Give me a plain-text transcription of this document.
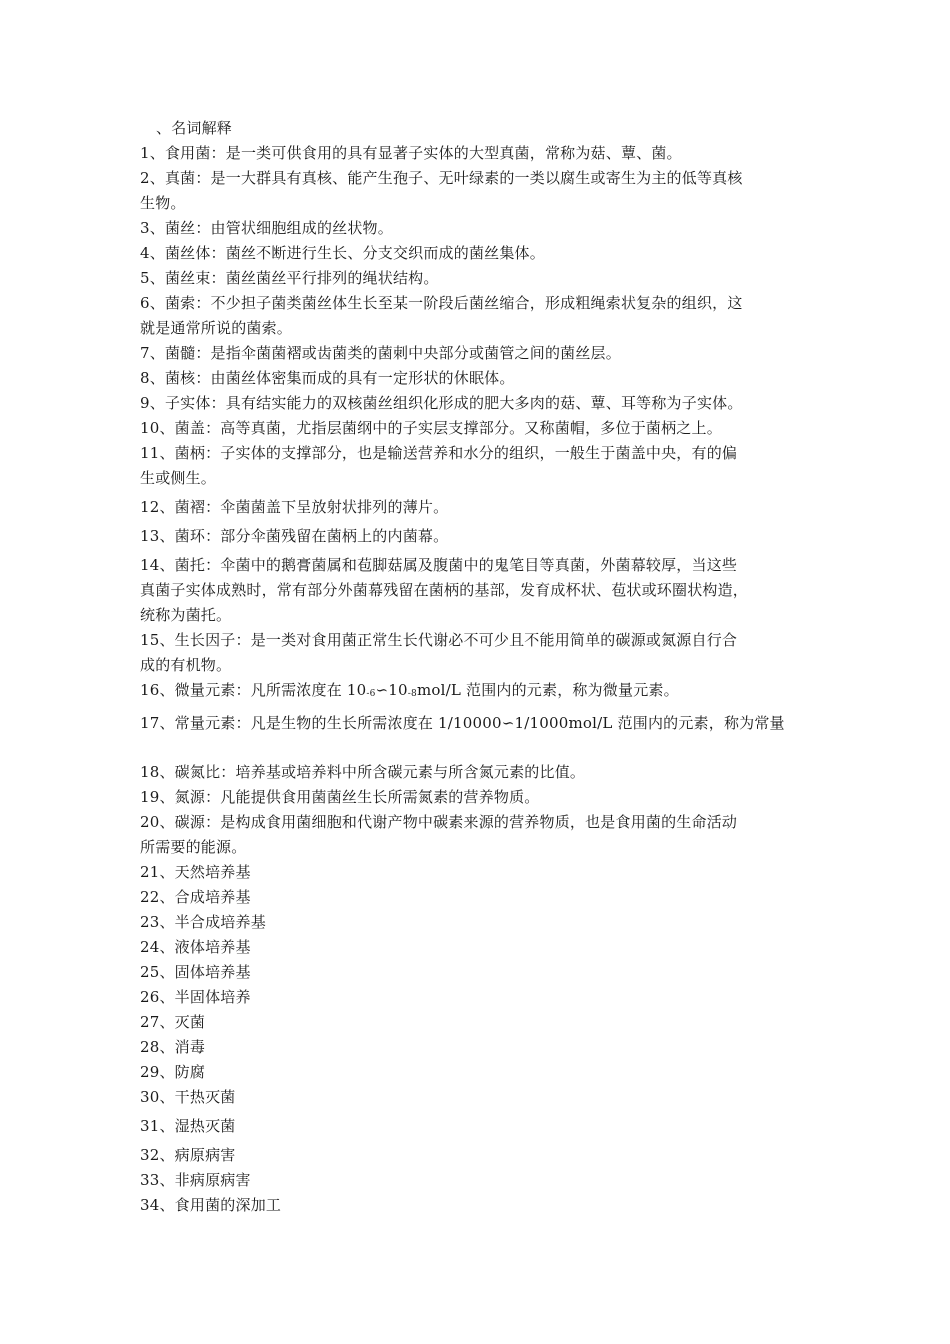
、名词解释

1、食用菌：是一类可供食用的具有显著子实体的大型真菌，常称为菇、蕈、菌。

2、真菌：是一大群具有真核、能产生孢子、无叶绿素的一类以腐生或寄生为主的低等真核

生物。

3、菌丝：由管状细胞组成的丝状物。

4、菌丝体：菌丝不断进行生长、分支交织而成的菌丝集体。

5、菌丝束：菌丝菌丝平行排列的绳状结构。

6、菌索：不少担子菌类菌丝体生长至某一阶段后菌丝缩合，形成粗绳索状复杂的组织，这

就是通常所说的菌索。

7、菌髓：是指伞菌菌褶或齿菌类的菌刺中央部分或菌管之间的菌丝层。

8、菌核：由菌丝体密集而成的具有一定形状的休眠体。

9、子实体：具有结实能力的双核菌丝组织化形成的肥大多肉的菇、蕈、耳等称为子实体。

10、菌盖：高等真菌，尤指层菌纲中的子实层支撑部分。又称菌帽，多位于菌柄之上。

11、菌柄：子实体的支撑部分，也是输送营养和水分的组织，一般生于菌盖中央，有的偏

生或侧生。

12、菌褶：伞菌菌盖下呈放射状排列的薄片。

13、菌环：部分伞菌残留在菌柄上的内菌幕。

14、菌托：伞菌中的鹅膏菌属和苞脚菇属及腹菌中的鬼笔目等真菌，外菌幕较厚，当这些

真菌子实体成熟时，常有部分外菌幕残留在菌柄的基部，发育成杯状、苞状或环圈状构造，

统称为菌托。

15、生长因子：是一类对食用菌正常生长代谢必不可少且不能用简单的碳源或氮源自行合

成的有机物。

16、微量元素：凡所需浓度在 10-6∽10-8mol/L 范围内的元素，称为微量元素。

17、常量元素：凡是生物的生长所需浓度在 1/10000∽1/1000mol/L 范围内的元素，称为常量

18、碳氮比：培养基或培养料中所含碳元素与所含氮元素的比值。

19、氮源：凡能提供食用菌菌丝生长所需氮素的营养物质。

20、碳源：是构成食用菌细胞和代谢产物中碳素来源的营养物质，也是食用菌的生命活动

所需要的能源。

21、天然培养基

22、合成培养基

23、半合成培养基

24、液体培养基

25、固体培养基

26、半固体培养

27、灭菌

28、消毒

29、防腐

30、干热灭菌

31、湿热灭菌

32、病原病害

33、非病原病害

34、食用菌的深加工
